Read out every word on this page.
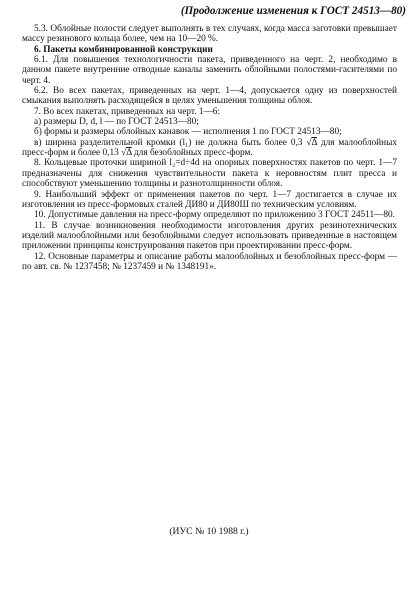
(Продолжение изменения к ГОСТ 24513—80)

5.3. Облойные полости следует выполнять в тех случаях, когда масса заготовки превышает массу резинового кольца более, чем на 10—20 %.

6. Пакеты комбинированной конструкции

6.1. Для повышения технологичности пакета, приведенного на черт. 2, необходимо в данном пакете внутренние отводные каналы заменить облойными полостями-гасителями по черт. 4.

6.2. Во всех пакетах, приведенных на черт. 1—4, допускается одну из поверхностей смыкания выполнять расходящейся в целях уменьшения толщины облоя.

7. Во всех пакетах, приведенных на черт. 1—6:

а) размеры D, d, l — по ГОСТ 24513—80;

б) формы и размеры облойных канавок — исполнения 1 по ГОСТ 24513—80;

в) ширина разделительной кромки (l₁) не должна быть более 0,3 √Δ для малооблойных пресс-форм и более 0,13 √Δ для безоблойных пресс-форм.

8. Кольцевые проточки шириной l₂=d÷4d на опорных поверхностях пакетов по черт. 1—7 предназначены для снижения чувствительности пакета к неровностям плит пресса и способствуют уменьшению толщины и разнотолщинности облоя.

9. Наибольший эффект от применения пакетов по черт. 1—7 достигается в случае их изготовления из пресс-формовых сталей ДИ80 и ДИ80Ш по техническим условиям.

10. Допустимые давления на пресс-форму определяют по приложению 3 ГОСТ 24511—80.

11. В случае возникновения необходимости изготовления других резинотехнических изделий малооблойными или безоблойными следует использовать приведенные в настоящем приложении принципы конструирования пакетов при проектировании пресс-форм.

12. Основные параметры и описание работы малооблойных и безоблойных пресс-форм — по авт. св. № 1237458; № 1237459 и № 1348191».

(ИУС № 10 1988 г.)
